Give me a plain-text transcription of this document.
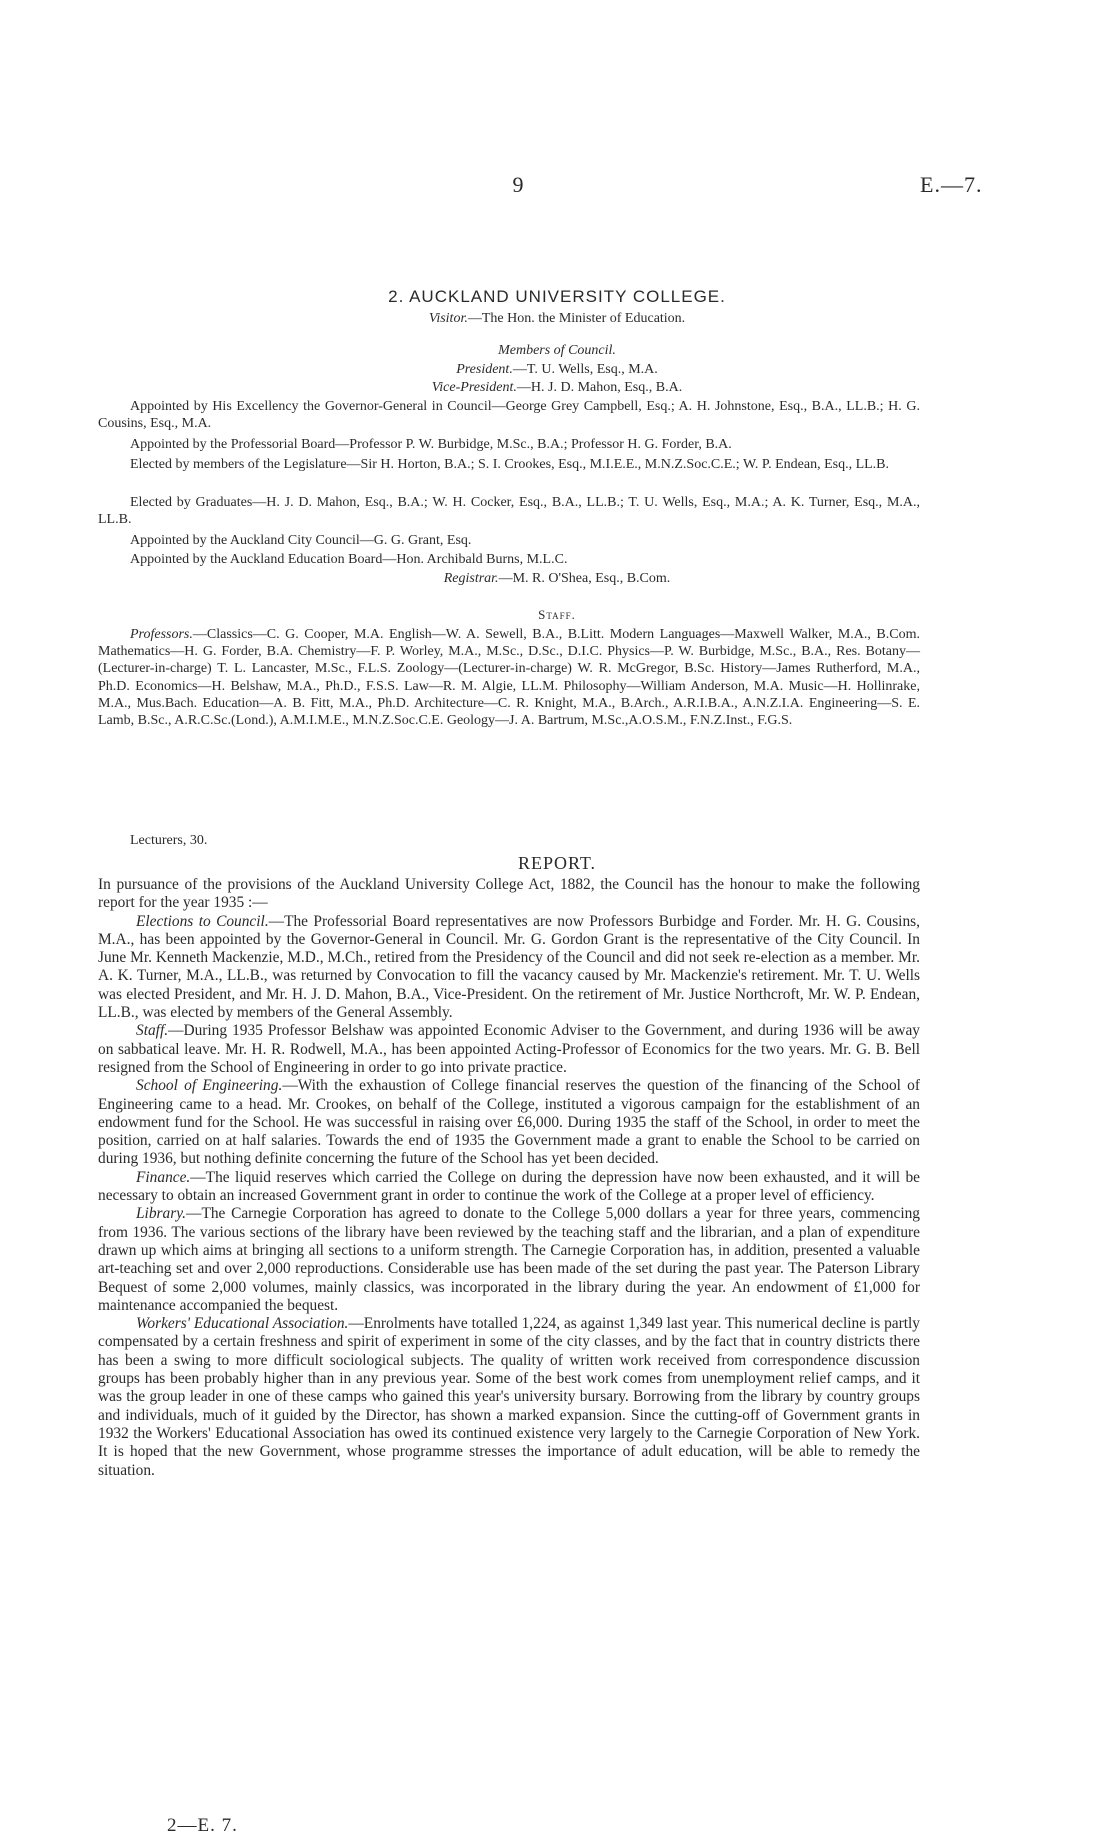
9	E.—7.
2. AUCKLAND UNIVERSITY COLLEGE.
Visitor.—The Hon. the Minister of Education.
Members of Council.
President.—T. U. Wells, Esq., M.A.
Vice-President.—H. J. D. Mahon, Esq., B.A.
Appointed by His Excellency the Governor-General in Council—George Grey Campbell, Esq.; A. H. Johnstone, Esq., B.A., LL.B.; H. G. Cousins, Esq., M.A.
Appointed by the Professorial Board—Professor P. W. Burbidge, M.Sc., B.A.; Professor H. G. Forder, B.A.
Elected by members of the Legislature—Sir H. Horton, B.A.; S. I. Crookes, Esq., M.I.E.E., M.N.Z.Soc.C.E.; W. P. Endean, Esq., LL.B.
Elected by Graduates—H. J. D. Mahon, Esq., B.A.; W. H. Cocker, Esq., B.A., LL.B.; T. U. Wells, Esq., M.A.; A. K. Turner, Esq., M.A., LL.B.
Appointed by the Auckland City Council—G. G. Grant, Esq.
Appointed by the Auckland Education Board—Hon. Archibald Burns, M.L.C.
Registrar.—M. R. O'Shea, Esq., B.Com.
Staff.
Professors.—Classics—C. G. Cooper, M.A. English—W. A. Sewell, B.A., B.Litt. Modern Languages—Maxwell Walker, M.A., B.Com. Mathematics—H. G. Forder, B.A. Chemistry—F. P. Worley, M.A., M.Sc., D.Sc., D.I.C. Physics—P. W. Burbidge, M.Sc., B.A., Res. Botany—(Lecturer-in-charge) T. L. Lancaster, M.Sc., F.L.S. Zoology—(Lecturer-in-charge) W. R. McGregor, B.Sc. History—James Rutherford, M.A., Ph.D. Economics—H. Belshaw, M.A., Ph.D., F.S.S. Law—R. M. Algie, LL.M. Philosophy—William Anderson, M.A. Music—H. Hollinrake, M.A., Mus.Bach. Education—A. B. Fitt, M.A., Ph.D. Architecture—C. R. Knight, M.A., B.Arch., A.R.I.B.A., A.N.Z.I.A. Engineering—S. E. Lamb, B.Sc., A.R.C.Sc.(Lond.), A.M.I.M.E., M.N.Z.Soc.C.E. Geology—J. A. Bartrum, M.Sc.,A.O.S.M., F.N.Z.Inst., F.G.S.
Lecturers, 30.
REPORT.

In pursuance of the provisions of the Auckland University College Act, 1882, the Council has the honour to make the following report for the year 1935 :—

Elections to Council.—The Professorial Board representatives are now Professors Burbidge and Forder. Mr. H. G. Cousins, M.A., has been appointed by the Governor-General in Council. Mr. G. Gordon Grant is the representative of the City Council. In June Mr. Kenneth Mackenzie, M.D., M.Ch., retired from the Presidency of the Council and did not seek re-election as a member. Mr. A. K. Turner, M.A., LL.B., was returned by Convocation to fill the vacancy caused by Mr. Mackenzie's retirement. Mr. T. U. Wells was elected President, and Mr. H. J. D. Mahon, B.A., Vice-President. On the retirement of Mr. Justice Northcroft, Mr. W. P. Endean, LL.B., was elected by members of the General Assembly.

Staff.—During 1935 Professor Belshaw was appointed Economic Adviser to the Government, and during 1936 will be away on sabbatical leave. Mr. H. R. Rodwell, M.A., has been appointed Acting-Professor of Economics for the two years. Mr. G. B. Bell resigned from the School of Engineering in order to go into private practice.

School of Engineering.—With the exhaustion of College financial reserves the question of the financing of the School of Engineering came to a head. Mr. Crookes, on behalf of the College, instituted a vigorous campaign for the establishment of an endowment fund for the School. He was successful in raising over £6,000. During 1935 the staff of the School, in order to meet the position, carried on at half salaries. Towards the end of 1935 the Government made a grant to enable the School to be carried on during 1936, but nothing definite concerning the future of the School has yet been decided.

Finance.—The liquid reserves which carried the College on during the depression have now been exhausted, and it will be necessary to obtain an increased Government grant in order to continue the work of the College at a proper level of efficiency.

Library.—The Carnegie Corporation has agreed to donate to the College 5,000 dollars a year for three years, commencing from 1936. The various sections of the library have been reviewed by the teaching staff and the librarian, and a plan of expenditure drawn up which aims at bringing all sections to a uniform strength. The Carnegie Corporation has, in addition, presented a valuable art-teaching set and over 2,000 reproductions. Considerable use has been made of the set during the past year. The Paterson Library Bequest of some 2,000 volumes, mainly classics, was incorporated in the library during the year. An endowment of £1,000 for maintenance accompanied the bequest.

Workers' Educational Association.—Enrolments have totalled 1,224, as against 1,349 last year. This numerical decline is partly compensated by a certain freshness and spirit of experiment in some of the city classes, and by the fact that in country districts there has been a swing to more difficult sociological subjects. The quality of written work received from correspondence discussion groups has been probably higher than in any previous year. Some of the best work comes from unemployment relief camps, and it was the group leader in one of these camps who gained this year's university bursary. Borrowing from the library by country groups and individuals, much of it guided by the Director, has shown a marked expansion. Since the cutting-off of Government grants in 1932 the Workers' Educational Association has owed its continued existence very largely to the Carnegie Corporation of New York. It is hoped that the new Government, whose programme stresses the importance of adult education, will be able to remedy the situation.

2—E. 7.
